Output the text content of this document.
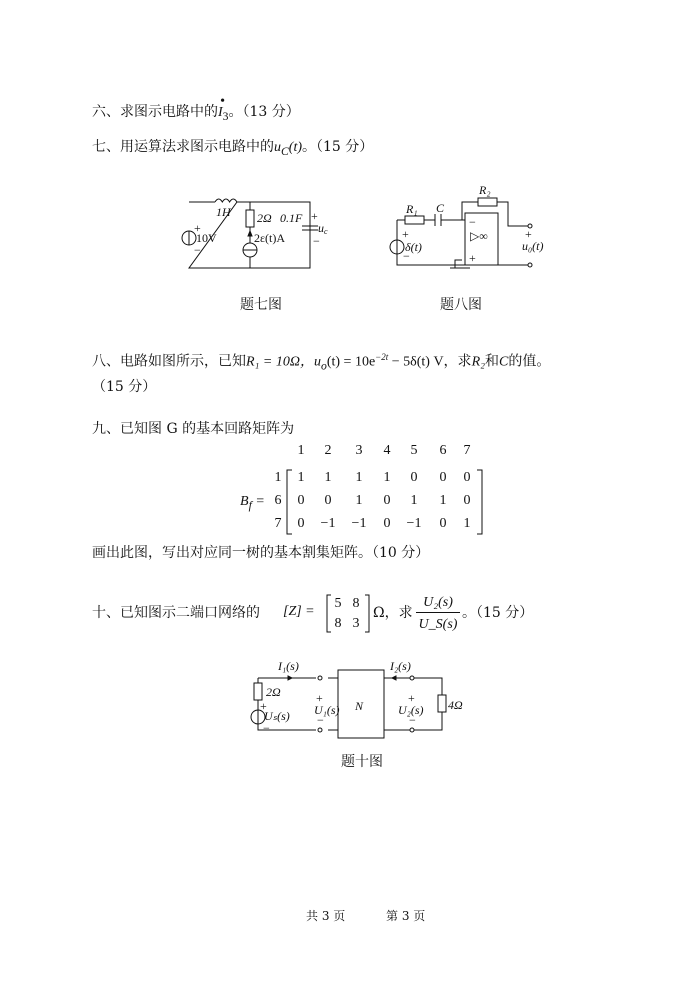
六、求图示电路中的I
•
$_3$。（13 分）
七、用运算法求图示电路中的$u_C(t)$。（15 分）
1H 2Ω 0.1F
10V	2ε(t)A
+
−
+
−
uc
题七图
R₁ C
R₂
▷∞
−
+
δ(t)
+
−
+
u₀(t)
题八图
八、电路如图所示，已知R₁ = 10Ω，$u_o(t) = 10e^{-2t} - 5\delta(t)$ V，求R₂和C的值。
（15 分）
九、已知图 G 的基本回路矩阵为
1	2	3	4	5	6	7
1	1	1	1	1	0	0	0
6	0	0	1	0	1	1	0
7	0	−1	−1	0	−1	0	1
$B_f$ =
画出此图，写出对应同一树的基本割集矩阵。（10 分）
十、已知图示二端口网络的 [Z] =
5 8
8 3
Ω，求
U₂(s)
U_S(s)
。（15 分）
I₁(s)	I₂(s)
2Ω
4Ω
Uₛ(s) U₁(s)	U₂(s)
N
+
−
+
−
+
−
题十图
共 3 页	第 3 页
